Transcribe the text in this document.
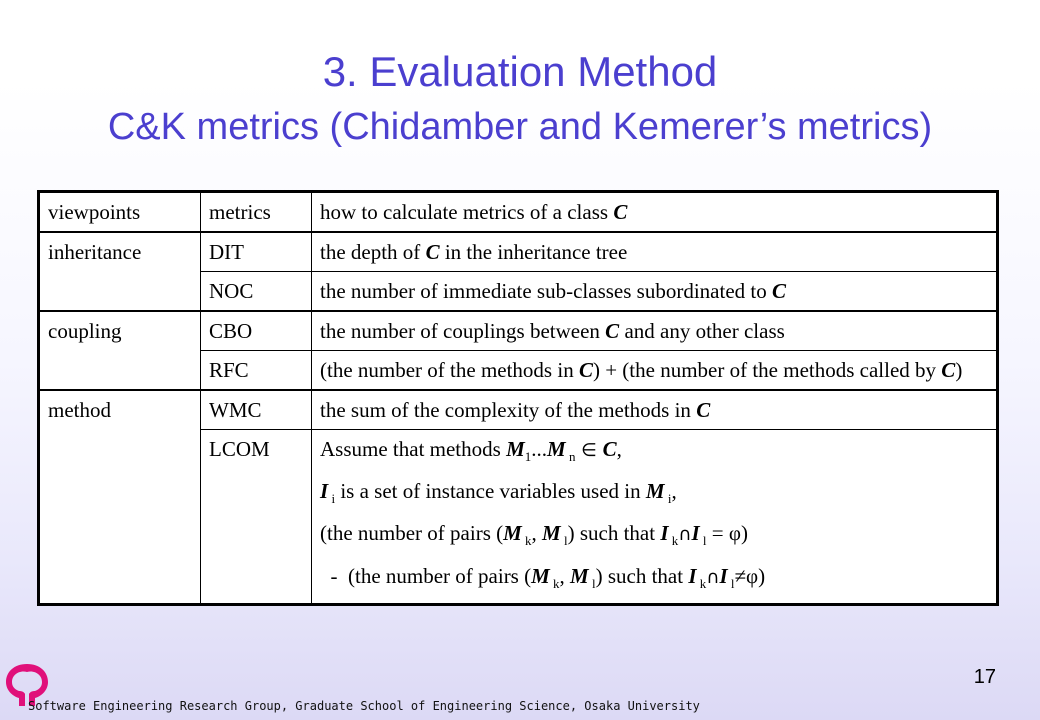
3. Evaluation Method
C&K metrics (Chidamber and Kemerer’s metrics)
viewpoints	metrics	how to calculate metrics of a class C
inheritance	DIT	the depth of C in the inheritance tree
	NOC	the number of immediate sub-classes subordinated to C
coupling	CBO	the number of couplings between C and any other class
	RFC	(the number of the methods in C) + (the number of the methods called by C)
method	WMC	the sum of the complexity of the methods in C
	LCOM	Assume that methods $M_1...M$ $_n$ ∈ C,
I $_i$ is a set of instance variables used in M $_i$,
(the number of pairs (M $_k$, M $_l$) such that I $_k$∩I $_l$ = φ)
-  (the number of pairs (M $_k$, M $_l$) such that I $_k$∩I $_l$≠φ)
17
Software Engineering Research Group, Graduate School of Engineering Science, Osaka University
